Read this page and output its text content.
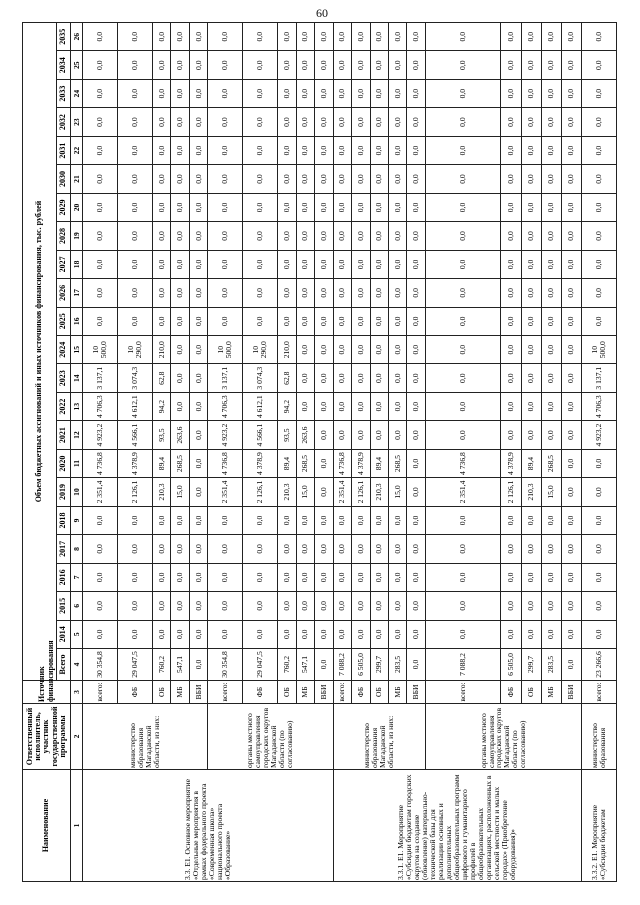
60
Наименование	Ответственный исполнитель, участник государственной программы	Источник финансирования	Объем бюджетных ассигнований и иных источников финансирования, тыс. рублей																						
			Всего	2014	2015	2016	2017	2018	2019	2020	2021	2022	2023	2024	2025	2026	2027	2028	2029	2030	2031	2032	2033	2034	2035
1	2	3	4	5	6	7	8	9	10	11	12	13	14	15	16	17	18	19	20	21	22	23	24	25	26
3.3. Е1. Основное мероприятие «Отдельные мероприятия в рамках федерального проекта «Современная школа» национального проекта «Образование»	министерство образования Магаданской области, из них:	всего:	30 354,8	0,0	0,0	0,0	0,0	0,0	2 351,4	4 736,8	4 923,2	4 706,3	3 137,1	10 500,0	0,0	0,0	0,0	0,0	0,0	0,0	0,0	0,0	0,0	0,0	0,0
		ФБ	29 047,5	0,0	0,0	0,0	0,0	0,0	2 126,1	4 378,9	4 566,1	4 612,1	3 074,3	10 290,0	0,0	0,0	0,0	0,0	0,0	0,0	0,0	0,0	0,0	0,0	0,0
		ОБ	760,2	0,0	0,0	0,0	0,0	0,0	210,3	89,4	93,5	94,2	62,8	210,0	0,0	0,0	0,0	0,0	0,0	0,0	0,0	0,0	0,0	0,0	0,0
		МБ	547,1	0,0	0,0	0,0	0,0	0,0	15,0	268,5	263,6	0,0	0,0	0,0	0,0	0,0	0,0	0,0	0,0	0,0	0,0	0,0	0,0	0,0	0,0
		ВБИ	0,0	0,0	0,0	0,0	0,0	0,0	0,0	0,0	0,0	0,0	0,0	0,0	0,0	0,0	0,0	0,0	0,0	0,0	0,0	0,0	0,0	0,0	0,0
	органы местного самоуправления городских округов Магаданской области (по согласованию)	всего:	30 354,8	0,0	0,0	0,0	0,0	0,0	2 351,4	4 736,8	4 923,2	4 706,3	3 137,1	10 500,0	0,0	0,0	0,0	0,0	0,0	0,0	0,0	0,0	0,0	0,0	0,0
		ФБ	29 047,5	0,0	0,0	0,0	0,0	0,0	2 126,1	4 378,9	4 566,1	4 612,1	3 074,3	10 290,0	0,0	0,0	0,0	0,0	0,0	0,0	0,0	0,0	0,0	0,0	0,0
		ОБ	760,2	0,0	0,0	0,0	0,0	0,0	210,3	89,4	93,5	94,2	62,8	210,0	0,0	0,0	0,0	0,0	0,0	0,0	0,0	0,0	0,0	0,0	0,0
		МБ	547,1	0,0	0,0	0,0	0,0	0,0	15,0	268,5	263,6	0,0	0,0	0,0	0,0	0,0	0,0	0,0	0,0	0,0	0,0	0,0	0,0	0,0	0,0
		ВБИ	0,0	0,0	0,0	0,0	0,0	0,0	0,0	0,0	0,0	0,0	0,0	0,0	0,0	0,0	0,0	0,0	0,0	0,0	0,0	0,0	0,0	0,0	0,0
3.3.1. Е1. Мероприятие «Субсидии бюджетам городских округов на создание (обновление) материально-технической базы для реализации основных и дополнительных общеобразовательных программ цифрового и гуманитарного профилей в общеобразовательных организациях, расположенных в сельской местности и малых городах» (Приобретение оборудования)»	министерство образования Магаданской области, из них:	всего:	7 088,2	0,0	0,0	0,0	0,0	0,0	2 351,4	4 736,8	0,0	0,0	0,0	0,0	0,0	0,0	0,0	0,0	0,0	0,0	0,0	0,0	0,0	0,0	0,0
		ФБ	6 505,0	0,0	0,0	0,0	0,0	0,0	2 126,1	4 378,9	0,0	0,0	0,0	0,0	0,0	0,0	0,0	0,0	0,0	0,0	0,0	0,0	0,0	0,0	0,0
		ОБ	299,7	0,0	0,0	0,0	0,0	0,0	210,3	89,4	0,0	0,0	0,0	0,0	0,0	0,0	0,0	0,0	0,0	0,0	0,0	0,0	0,0	0,0	0,0
		МБ	283,5	0,0	0,0	0,0	0,0	0,0	15,0	268,5	0,0	0,0	0,0	0,0	0,0	0,0	0,0	0,0	0,0	0,0	0,0	0,0	0,0	0,0	0,0
		ВБИ	0,0	0,0	0,0	0,0	0,0	0,0	0,0	0,0	0,0	0,0	0,0	0,0	0,0	0,0	0,0	0,0	0,0	0,0	0,0	0,0	0,0	0,0	0,0
	органы местного самоуправления городских округов Магаданской области (по согласованию)	всего:	7 088,2	0,0	0,0	0,0	0,0	0,0	2 351,4	4 736,8	0,0	0,0	0,0	0,0	0,0	0,0	0,0	0,0	0,0	0,0	0,0	0,0	0,0	0,0	0,0
		ФБ	6 505,0	0,0	0,0	0,0	0,0	0,0	2 126,1	4 378,9	0,0	0,0	0,0	0,0	0,0	0,0	0,0	0,0	0,0	0,0	0,0	0,0	0,0	0,0	0,0
		ОБ	299,7	0,0	0,0	0,0	0,0	0,0	210,3	89,4	0,0	0,0	0,0	0,0	0,0	0,0	0,0	0,0	0,0	0,0	0,0	0,0	0,0	0,0	0,0
		МБ	283,5	0,0	0,0	0,0	0,0	0,0	15,0	268,5	0,0	0,0	0,0	0,0	0,0	0,0	0,0	0,0	0,0	0,0	0,0	0,0	0,0	0,0	0,0
		ВБИ	0,0	0,0	0,0	0,0	0,0	0,0	0,0	0,0	0,0	0,0	0,0	0,0	0,0	0,0	0,0	0,0	0,0	0,0	0,0	0,0	0,0	0,0	0,0
3.3.2. Е1. Мероприятие «Субсидии бюджетам	министерство образования	всего:	23 266,6	0,0	0,0	0,0	0,0	0,0	0,0	0,0	4 923,2	4 706,3	3 137,1	10 500,0	0,0	0,0	0,0	0,0	0,0	0,0	0,0	0,0	0,0	0,0	0,0
